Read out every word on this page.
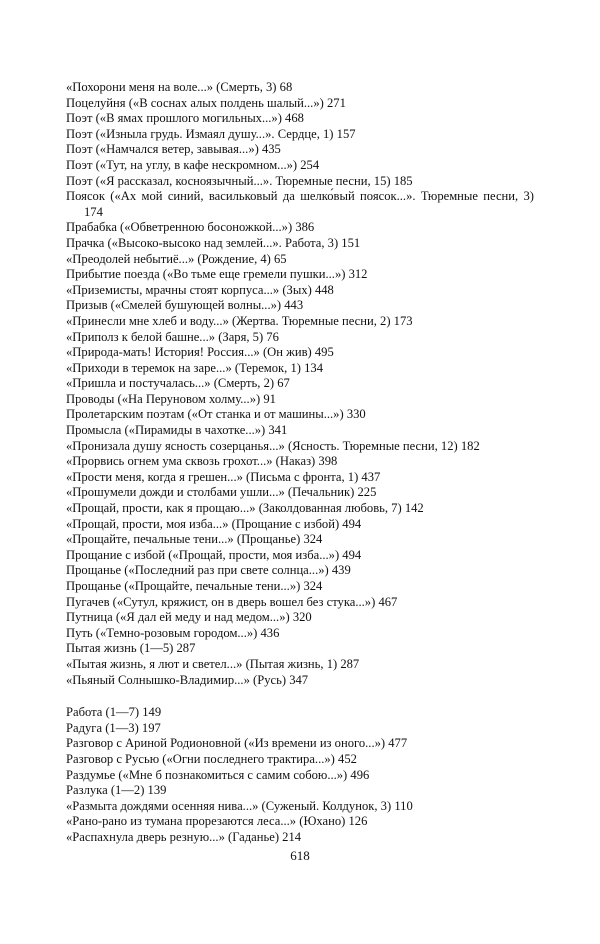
«Похорони меня на воле...» (Смерть, 3) 68
Поцелуйня («В соснах алых полдень шалый...») 271
Поэт («В ямах прошлого могильных...») 468
Поэт («Изныла грудь. Измаял душу...». Сердце, 1) 157
Поэт («Намчался ветер, завывая...») 435
Поэт («Тут, на углу, в кафе нескромном...») 254
Поэт («Я рассказал, косноязычный...». Тюремные песни, 15) 185
Поясок («Ах мой синий, васильковый да шелко́вый поясок...». Тюремные песни, 3) 174
Прабабка («Обветренною босоножкой...») 386
Прачка («Высоко-высоко над землей...». Работа, 3) 151
«Преодолей небытиё...» (Рождение, 4) 65
Прибытие поезда («Во тьме еще гремели пушки...») 312
«Приземисты, мрачны стоят корпуса...» (Зых) 448
Призыв («Смелей бушующей волны...») 443
«Принесли мне хлеб и воду...» (Жертва. Тюремные песни, 2) 173
«Приполз к белой башне...» (Заря, 5) 76
«Природа-мать! История! Россия...» (Он жив) 495
«Приходи в теремок на заре...» (Теремок, 1) 134
«Пришла и постучалась...» (Смерть, 2) 67
Проводы («На Перуновом холму...») 91
Пролетарским поэтам («От станка и от машины...») 330
Промысла («Пирамиды в чахотке...») 341
«Пронизала душу ясность созерцанья...» (Ясность. Тюремные песни, 12) 182
«Прорвись огнем ума сквозь грохот...» (Наказ) 398
«Прости меня, когда я грешен...» (Письма с фронта, 1) 437
«Прошумели дожди и столбами ушли...» (Печальник) 225
«Прощай, прости, как я прощаю...» (Заколдованная любовь, 7) 142
«Прощай, прости, моя изба...» (Прощание с избой) 494
«Прощайте, печальные тени...» (Прощанье) 324
Прощание с избой («Прощай, прости, моя изба...») 494
Прощанье («Последний раз при свете солнца...») 439
Прощанье («Прощайте, печальные тени...») 324
Пугачев («Сутул, кряжист, он в дверь вошел без стука...») 467
Путница («Я дал ей меду и над медом...») 320
Путь («Темно-розовым городом...») 436
Пытая жизнь (1—5) 287
«Пытая жизнь, я лют и светел...» (Пытая жизнь, 1) 287
«Пьяный Солнышко-Владимир...» (Русь) 347
Работа (1—7) 149
Радуга (1—3) 197
Разговор с Ариной Родионовной («Из времени из оного...») 477
Разговор с Русью («Огни последнего трактира...») 452
Раздумье («Мне б познакомиться с самим собою...») 496
Разлука (1—2) 139
«Размыта дождями осенняя нива...» (Суженый. Колдунок, 3) 110
«Рано-рано из тумана прорезаются леса...» (Юхано) 126
«Распахнула дверь резную...» (Гаданье) 214
618
